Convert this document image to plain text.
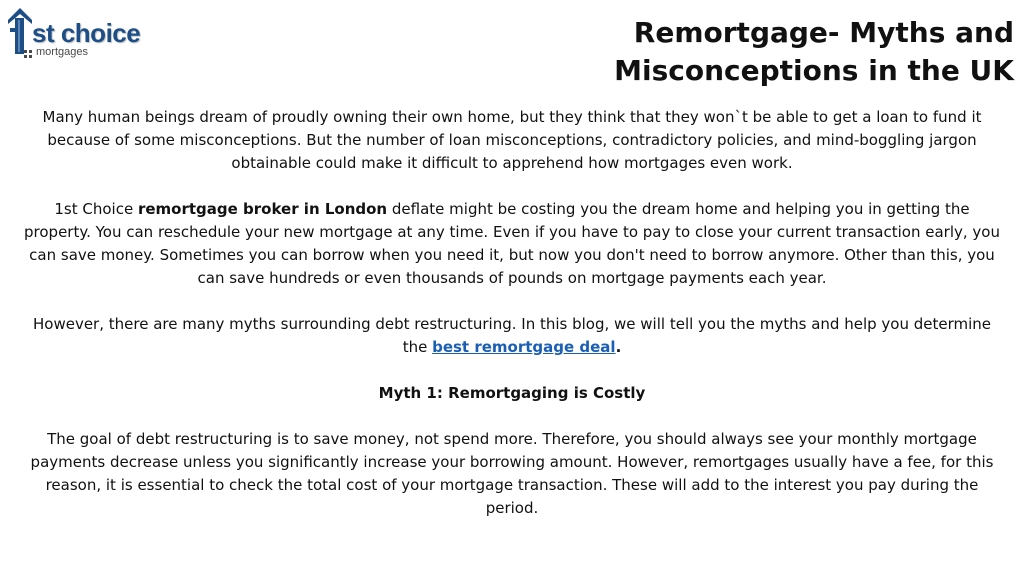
st choice
mortgages
Remortgage- Myths and
Misconceptions in the UK

Many human beings dream of proudly owning their own home, but they think that they won`t be able to get a loan to fund it because of some misconceptions. But the number of loan misconceptions, contradictory policies, and mind-boggling jargon obtainable could make it difficult to apprehend how mortgages even work.

1st Choice remortgage broker in London deflate might be costing you the dream home and helping you in getting the property. You can reschedule your new mortgage at any time. Even if you have to pay to close your current transaction early, you can save money. Sometimes you can borrow when you need it, but now you don't need to borrow anymore. Other than this, you can save hundreds or even thousands of pounds on mortgage payments each year.

However, there are many myths surrounding debt restructuring. In this blog, we will tell you the myths and help you determine the best remortgage deal.

Myth 1: Remortgaging is Costly

The goal of debt restructuring is to save money, not spend more. Therefore, you should always see your monthly mortgage payments decrease unless you significantly increase your borrowing amount. However, remortgages usually have a fee, for this reason, it is essential to check the total cost of your mortgage transaction. These will add to the interest you pay during the period.
